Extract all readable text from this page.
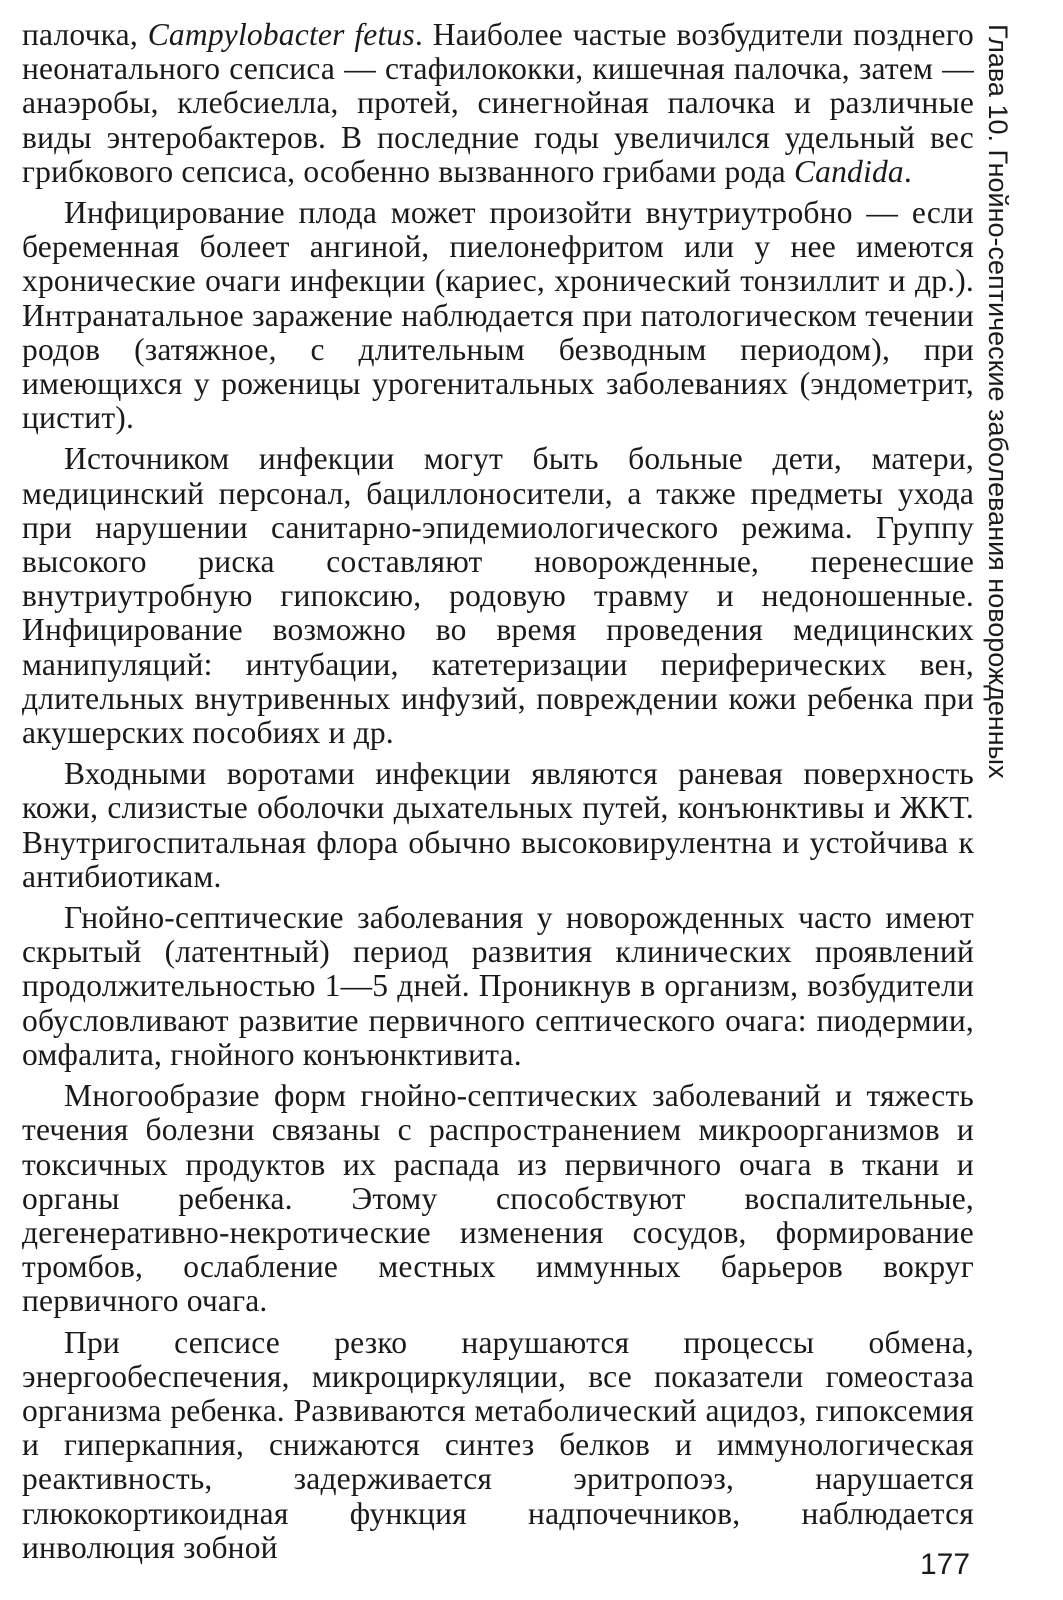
палочка, Campylobacter fetus. Наиболее частые возбудители позднего неонатального сепсиса — стафилококки, кишечная палочка, затем — анаэробы, клебсиелла, протей, синегнойная палочка и различные виды энтеробактеров. В последние годы увеличился удельный вес грибкового сепсиса, особенно вызванного грибами рода Candida.

Инфицирование плода может произойти внутриутробно — если беременная болеет ангиной, пиелонефритом или у нее имеются хронические очаги инфекции (кариес, хронический тонзиллит и др.). Интранатальное заражение наблюдается при патологическом течении родов (затяжное, с длительным безводным периодом), при имеющихся у роженицы урогенитальных заболеваниях (эндометрит, цистит).

Источником инфекции могут быть больные дети, матери, медицинский персонал, бациллоносители, а также предметы ухода при нарушении санитарно-эпидемиологического режима. Группу высокого риска составляют новорожденные, перенесшие внутриутробную гипоксию, родовую травму и недоношенные. Инфицирование возможно во время проведения медицинских манипуляций: интубации, катетеризации периферических вен, длительных внутривенных инфузий, повреждении кожи ребенка при акушерских пособиях и др.

Входными воротами инфекции являются раневая поверхность кожи, слизистые оболочки дыхательных путей, конъюнктивы и ЖКТ. Внутригоспитальная флора обычно высоковирулентна и устойчива к антибиотикам.

Гнойно-септические заболевания у новорожденных часто имеют скрытый (латентный) период развития клинических проявлений продолжительностью 1—5 дней. Проникнув в организм, возбудители обусловливают развитие первичного септического очага: пиодермии, омфалита, гнойного конъюнктивита.

Многообразие форм гнойно-септических заболеваний и тяжесть течения болезни связаны с распространением микроорганизмов и токсичных продуктов их распада из первичного очага в ткани и органы ребенка. Этому способствуют воспалительные, дегенеративно-некротические изменения сосудов, формирование тромбов, ослабление местных иммунных барьеров вокруг первичного очага.

При сепсисе резко нарушаются процессы обмена, энергообеспечения, микроциркуляции, все показатели гомеостаза организма ребенка. Развиваются метаболический ацидоз, гипоксемия и гиперкапния, снижаются синтез белков и иммунологическая реактивность, задерживается эритропоэз, нарушается глюкокортикоидная функция надпочечников, наблюдается инволюция зобной

Глава 10. Гнойно-септические заболевания новорожденных
177
